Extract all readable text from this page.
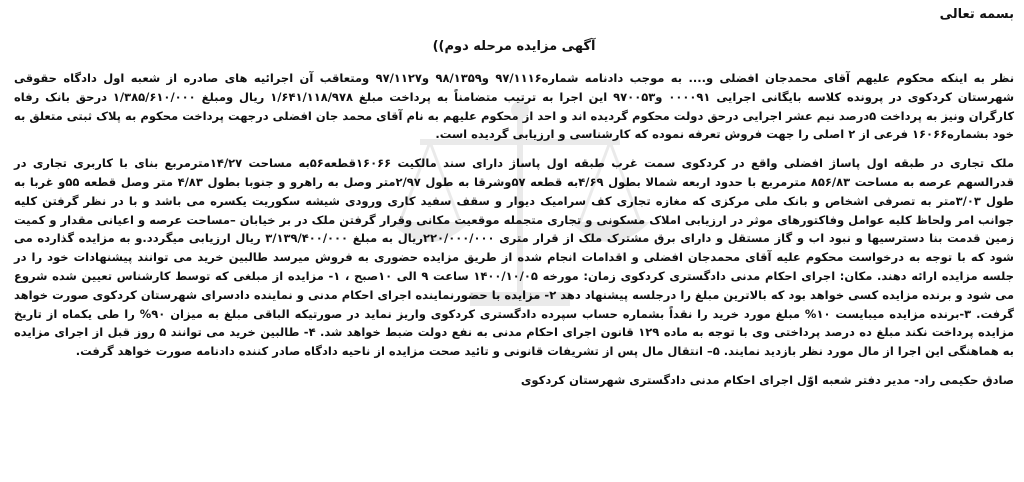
بسمه تعالی
آگهی مزایده مرحله دوم))

نظر به اینکه محکوم علیهم آقای محمدجان افضلی و.... به موجب دادنامه شماره۹۷/۱۱۱۶ و۹۸/۱۳۵۹ و۹۷/۱۱۲۷ ومتعاقب آن اجرائیه های صادره از شعبه اول دادگاه حقوقی شهرستان کردکوی در پرونده کلاسه بایگانی اجرایی ۰۰۰۰۹۱ و۹۷۰۰۵۳ این اجرا به ترتیب متضامناً به پرداخت مبلغ ۱/۶۴۱/۱۱۸/۹۷۸ ریال ومبلغ ۱/۳۸۵/۶۱۰/۰۰۰ درحق بانک رفاه کارگران ونیز به پرداخت ۵درصد نیم عشر اجرایی درحق دولت محکوم گردیده اند و احد از محکوم علیهم به نام آقای محمد جان افضلی درجهت پرداخت محکوم به پلاک ثبتی متعلق به خود بشماره۱۶۰۶۶ فرعی از ۲ اصلی را جهت فروش تعرفه نموده که کارشناسی و ارزیابی گردیده است.

ملک تجاری در طبقه اول پاساژ افضلی واقع در کردکوی سمت غرب طبقه اول پاساژ دارای سند مالکیت ۱۶۰۶۶قطعه۵۶به مساحت ۱۴/۲۷مترمربع بنای با کاربری تجاری در قدرالسهم عرصه به مساحت ۸۵۶/۸۳ مترمربع با حدود اربعه شمالا بطول ۴/۶۹به قطعه ۵۷وشرقا به طول ۲/۹۷متر وصل به راهرو و جنوبا بطول ۴/۸۳ متر وصل قطعه ۵۵و غربا به طول ۳/۰۳متر به تصرفی اشخاص و بانک ملی مرکزی که مغازه تجاری کف سرامیک دیوار و سقف سفید کاری ورودی شیشه سکوریت یکسره می باشد و با در نظر گرفتن کلیه جوانب امر ولحاظ کلیه عوامل وفاکتورهای موثر در ارزیابی املاک مسکونی و تجاری متجمله موقعیت مکانی وقرار گرفتن ملک در بر خیابان –مساحت عرصه و اعیانی مقدار و کمیت زمین قدمت بنا دسترسیها و نبود اب و گاز مستقل و دارای برق مشترک ملک از قرار متری ۲۲۰/۰۰۰/۰۰۰ریال به مبلغ ۳/۱۳۹/۴۰۰/۰۰۰ ریال ارزیابی میگردد.و به مزایده گذارده می شود که با توجه به درخواست محکوم علیه آقای محمدجان افضلی و اقدامات انجام شده از طریق مزایده حضوری به فروش میرسد طالبین خرید می توانند پیشنهادات خود را در جلسه مزایده ارائه دهند. مکان: اجرای احکام مدنی دادگستری کردکوی زمان: مورخه ۱۴۰۰/۱۰/۰۵ ساعت ۹ الی ۱۰صبح ، ۱- مزایده از مبلغی که توسط کارشناس تعیین شده شروع می شود و برنده مزایده کسی خواهد بود که بالاترین مبلغ را درجلسه پیشنهاد دهد ۲- مزایده با حضورنماینده اجرای احکام مدنی و نماینده دادسرای شهرستان کردکوی صورت خواهد گرفت. ۳-برنده مزایده میبایست ۱۰% مبلغ مورد خرید را نقداً بشماره حساب سپرده دادگستری کردکوی واریز نماید در صورتیکه الباقی مبلغ به میزان ۹۰% را طی یکماه از تاریخ مزایده پرداخت نکند مبلغ ده درصد پرداختی وی با توجه به ماده ۱۲۹ قانون اجرای احکام مدنی به نفع دولت ضبط خواهد شد. ۴- طالبین خرید می توانند ۵ روز قبل از اجرای مزایده به هماهنگی این اجرا از مال مورد نظر بازدید نمایند. ۵– انتقال مال پس از تشریفات قانونی و تائید صحت مزایده از ناحیه دادگاه صادر کننده دادنامه صورت خواهد گرفت.

صادق حکیمی راد- مدیر دفتر شعبه اوّل اجرای احکام مدنی دادگستری شهرستان کردکوی
